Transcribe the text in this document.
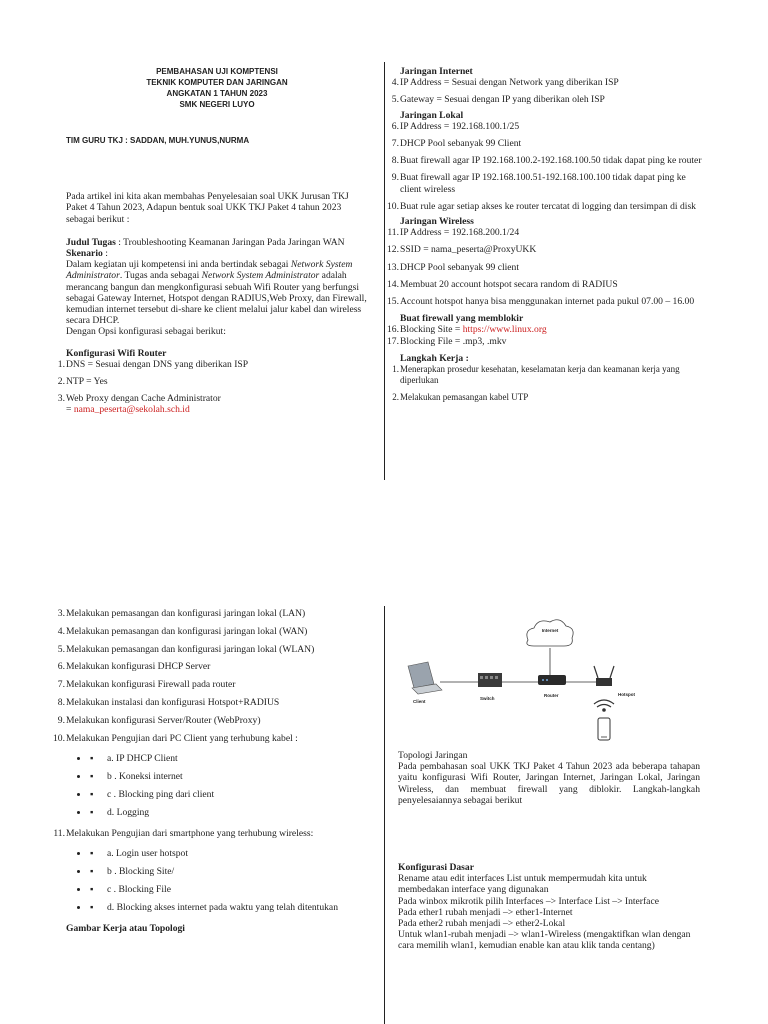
PEMBAHASAN UJI KOMPTENSI
TEKNIK KOMPUTER DAN JARINGAN
ANGKATAN 1 TAHUN 2023
SMK NEGERI LUYO
TIM GURU TKJ : SADDAN, MUH.YUNUS,NURMA
Pada artikel ini kita akan membahas Penyelesaian soal UKK Jurusan TKJ Paket 4 Tahun 2023, Adapun bentuk soal UKK TKJ Paket 4 tahun 2023 sebagai berikut :
Judul Tugas : Troubleshooting Keamanan Jaringan Pada Jaringan WAN
Skenario :
Dalam kegiatan uji kompetensi ini anda bertindak sebagai Network System Administrator. Tugas anda sebagai Network System Administrator adalah merancang bangun dan mengkonfigurasi sebuah Wifi Router yang berfungsi sebagai Gateway Internet, Hotspot dengan RADIUS,Web Proxy, dan Firewall, kemudian internet tersebut di-share ke client melalui jalur kabel dan wireless secara DHCP.
Dengan Opsi konfigurasi sebagai berikut:
Konfigurasi Wifi Router
1. DNS = Sesuai dengan DNS yang diberikan ISP
2. NTP = Yes
3. Web Proxy dengan Cache Administrator
= nama_peserta@sekolah.sch.id
Jaringan Internet
4. IP Address = Sesuai dengan Network yang diberikan ISP
5. Gateway = Sesuai dengan IP yang diberikan oleh ISP
Jaringan Lokal
6. IP Address = 192.168.100.1/25
7. DHCP Pool sebanyak 99 Client
8. Buat firewall agar IP 192.168.100.2-192.168.100.50 tidak dapat ping ke router
9. Buat firewall agar IP 192.168.100.51-192.168.100.100 tidak dapat ping ke client wireless
10. Buat rule agar setiap akses ke router tercatat di logging dan tersimpan di disk
Jaringan Wireless
11. IP Address = 192.168.200.1/24
12. SSID = nama_peserta@ProxyUKK
13. DHCP Pool sebanyak 99 client
14. Membuat 20 account hotspot secara random di RADIUS
15. Account hotspot hanya bisa menggunakan internet pada pukul 07.00 – 16.00
Buat firewall yang memblokir
16. Blocking Site = https://www.linux.org
17. Blocking File = .mp3, .mkv
Langkah Kerja :
1. Menerapkan prosedur kesehatan, keselamatan kerja dan keamanan kerja yang diperlukan
2. Melakukan pemasangan kabel UTP
3. Melakukan pemasangan dan konfigurasi jaringan lokal (LAN)
4. Melakukan pemasangan dan konfigurasi jaringan lokal (WAN)
5. Melakukan pemasangan dan konfigurasi jaringan lokal (WLAN)
6. Melakukan konfigurasi DHCP Server
7. Melakukan konfigurasi Firewall pada router
8. Melakukan instalasi dan konfigurasi Hotspot+RADIUS
9. Melakukan konfigurasi Server/Router (WebProxy)
10. Melakukan Pengujian dari PC Client yang terhubung kabel :
• ▪ a. IP DHCP Client
• ▪ b . Koneksi internet
• ▪ c . Blocking ping dari client
• ▪ d. Logging
11. Melakukan Pengujian dari smartphone yang terhubung wireless:
• ▪ a. Login user hotspot
• ▪ b . Blocking Site/
• ▪ c . Blocking File
• ▪ d. Blocking akses internet pada waktu yang telah ditentukan
Gambar Kerja atau Topologi
Internet
Client
Switch
Router	Hotspot
Topologi Jaringan
Pada pembahasan soal UKK TKJ Paket 4 Tahun 2023 ada beberapa tahapan yaitu konfigurasi Wifi Router, Jaringan Internet, Jaringan Lokal, Jaringan Wireless, dan membuat firewall yang diblokir. Langkah-langkah penyelesaiannya sebagai berikut
Konfigurasi Dasar
Rename atau edit interfaces List untuk mempermudah kita untuk membedakan interface yang digunakan
Pada winbox mikrotik pilih Interfaces –> Interface List –> Interface
Pada ether1 rubah menjadi –> ether1-Internet
Pada ether2 rubah menjadi –> ether2-Lokal
Untuk wlan1-rubah menjadi –> wlan1-Wireless (mengaktifkan wlan dengan cara memilih wlan1, kemudian enable kan atau klik tanda centang)
